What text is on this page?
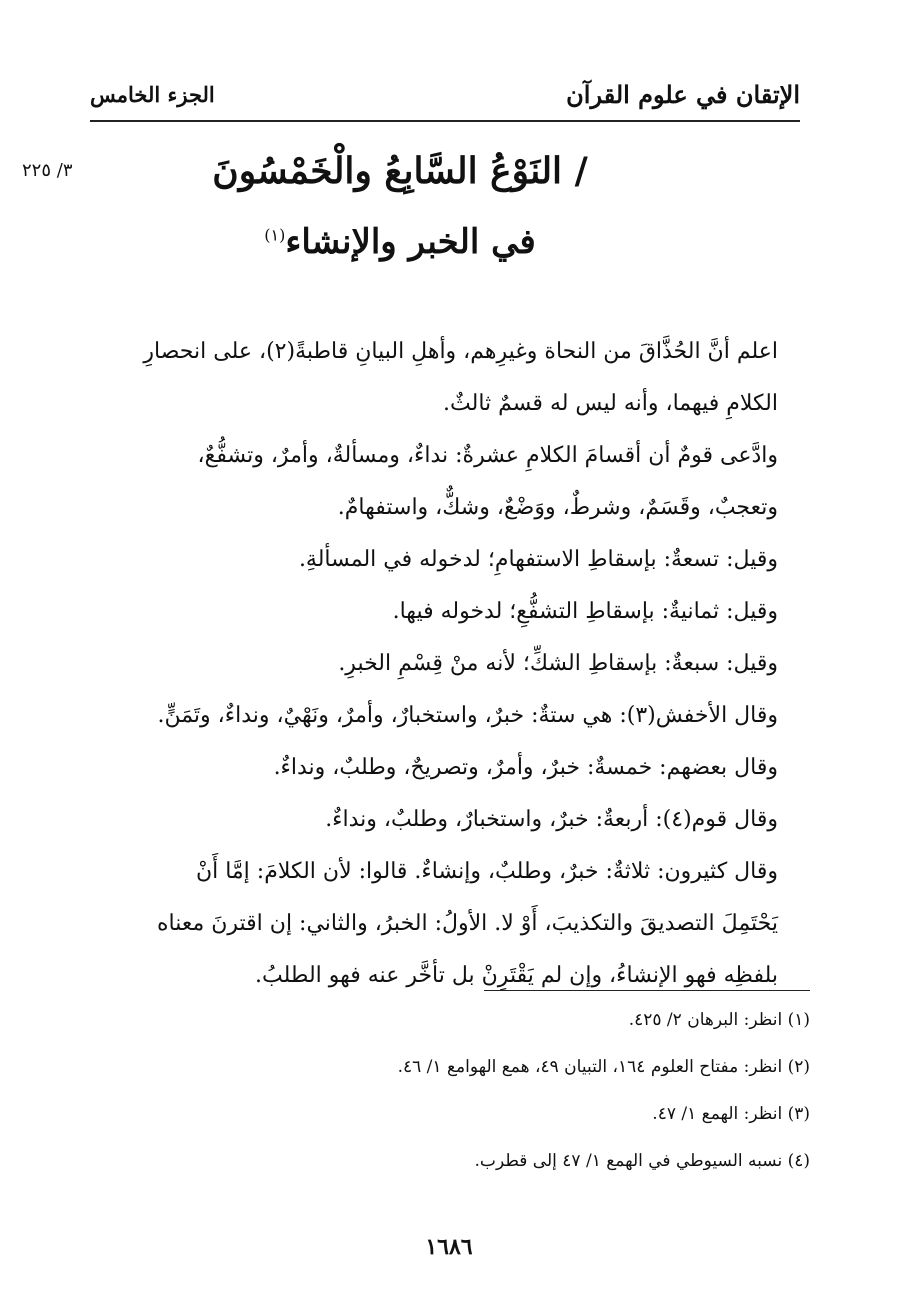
الإتقان في علوم القرآن
الجزء الخامس
٣/ ٢٢٥	/ النَوْعُ السَّابِعُ والْخَمْسُونَ
في الخبر والإنشاء$^{(١)}$

اعلم أنَّ الحُذَّاقَ من النحاة وغيرِهم، وأهلِ البيانِ قاطبةً(٢)، على انحصارِ
الكلامِ فيهما، وأنه ليس له قسمٌ ثالثٌ.

وادَّعى قومٌ أن أقسامَ الكلامِ عشرةٌ: نداءٌ، ومسألةٌ، وأمرٌ، وتشفُّعٌ،
وتعجبٌ، وقَسَمٌ، وشرطٌ، ووَضْعٌ، وشكٌّ، واستفهامٌ.

وقيل: تسعةٌ: بإسقاطِ الاستفهامِ؛ لدخوله في المسألةِ.

وقيل: ثمانيةٌ: بإسقاطِ التشفُّعِ؛ لدخوله فيها.

وقيل: سبعةٌ: بإسقاطِ الشكِّ؛ لأنه منْ قِسْمِ الخبرِ.

وقال الأخفش(٣): هي ستةٌ: خبرٌ، واستخبارٌ، وأمرٌ، ونَهْيٌ، ونداءٌ، وتَمَنٍّ.

وقال بعضهم: خمسةٌ: خبرٌ، وأمرٌ، وتصريحٌ، وطلبٌ، ونداءٌ.

وقال قوم(٤): أربعةٌ: خبرٌ، واستخبارٌ، وطلبٌ، ونداءٌ.

وقال كثيرون: ثلاثةٌ: خبرٌ، وطلبٌ، وإنشاءٌ. قالوا: لأن الكلامَ: إمَّا أَنْ
يَحْتَمِلَ التصديقَ والتكذيبَ، أَوْ لا. الأولُ: الخبرُ، والثاني: إن اقترنَ معناه
بلفظِه فهو الإنشاءُ، وإن لم يَقْتَرِنْ بل تأخَّر عنه فهو الطلبُ.

(١) انظر: البرهان ٢/ ٤٢٥.
(٢) انظر: مفتاح العلوم ١٦٤، التبيان ٤٩، همع الهوامع ١/ ٤٦.
(٣) انظر: الهمع ١/ ٤٧.
(٤) نسبه السيوطي في الهمع ١/ ٤٧ إلى قطرب.
١٦٨٦
